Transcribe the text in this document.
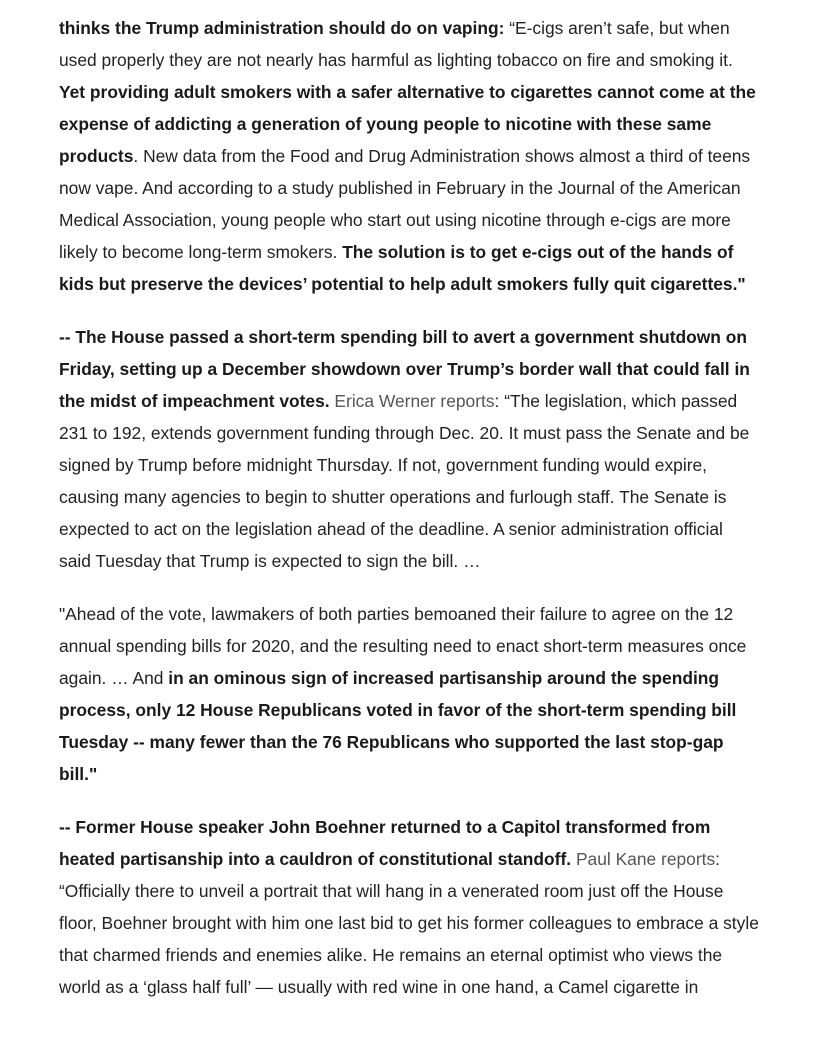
thinks the Trump administration should do on vaping: “E-cigs aren’t safe, but when used properly they are not nearly has harmful as lighting tobacco on fire and smoking it. Yet providing adult smokers with a safer alternative to cigarettes cannot come at the expense of addicting a generation of young people to nicotine with these same products. New data from the Food and Drug Administration shows almost a third of teens now vape. And according to a study published in February in the Journal of the American Medical Association, young people who start out using nicotine through e-cigs are more likely to become long-term smokers. The solution is to get e-cigs out of the hands of kids but preserve the devices’ potential to help adult smokers fully quit cigarettes."

-- The House passed a short-term spending bill to avert a government shutdown on Friday, setting up a December showdown over Trump’s border wall that could fall in the midst of impeachment votes. Erica Werner reports: “The legislation, which passed 231 to 192, extends government funding through Dec. 20. It must pass the Senate and be signed by Trump before midnight Thursday. If not, government funding would expire, causing many agencies to begin to shutter operations and furlough staff. The Senate is expected to act on the legislation ahead of the deadline. A senior administration official said Tuesday that Trump is expected to sign the bill. …

"Ahead of the vote, lawmakers of both parties bemoaned their failure to agree on the 12 annual spending bills for 2020, and the resulting need to enact short-term measures once again. … And in an ominous sign of increased partisanship around the spending process, only 12 House Republicans voted in favor of the short-term spending bill Tuesday -- many fewer than the 76 Republicans who supported the last stop-gap bill."

-- Former House speaker John Boehner returned to a Capitol transformed from heated partisanship into a cauldron of constitutional standoff. Paul Kane reports: “Officially there to unveil a portrait that will hang in a venerated room just off the House floor, Boehner brought with him one last bid to get his former colleagues to embrace a style that charmed friends and enemies alike. He remains an eternal optimist who views the world as a ‘glass half full’ — usually with red wine in one hand, a Camel cigarette in
